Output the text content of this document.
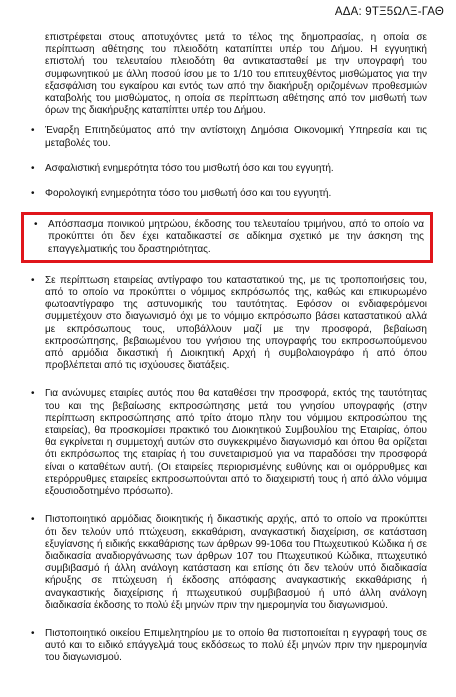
ΑΔΑ: 9ΤΞ5ΩΛΞ-ΓΑΘ

επιστρέφεται στους αποτυχόντες μετά το τέλος της δημοπρασίας, η οποία σε περίπτωση αθέτησης του πλειοδότη καταπίπτει υπέρ του Δήμου. Η εγγυητική επιστολή του τελευταίου πλειοδότη θα αντικατασταθεί με την υπογραφή του συμφωνητικού με άλλη ποσού ίσου με το 1/10 του επιτευχθέντος μισθώματος για την εξασφάλιση του εγκαίρου και εντός των από την διακήρυξη οριζομένων προθεσμιών καταβολής του μισθώματος, η οποία σε περίπτωση αθέτησης από τον μισθωτή των όρων της διακήρυξης καταπίπτει υπέρ του Δήμου.

• Έναρξη Επιτηδεύματος από την αντίστοιχη Δημόσια Οικονομική Υπηρεσία και τις μεταβολές του.
• Ασφαλιστική ενημερότητα τόσο του μισθωτή όσο και του εγγυητή.
• Φορολογική ενημερότητα τόσο του μισθωτή όσο και του εγγυητή.
• Απόσπασμα ποινικού μητρώου, έκδοσης του τελευταίου τριμήνου, από το οποίο να προκύπτει ότι δεν έχει καταδικαστεί σε αδίκημα σχετικό με την άσκηση της επαγγελματικής του δραστηριότητας.
• Σε περίπτωση εταιρείας αντίγραφο του καταστατικού της, με τις τροποποιήσεις του, από το οποίο να προκύπτει ο νόμιμος εκπρόσωπός της, καθώς και επικυρωμένο φωτοαντίγραφο της αστυνομικής του ταυτότητας. Εφόσον οι ενδιαφερόμενοι συμμετέχουν στο διαγωνισμό όχι με το νόμιμο εκπρόσωπο βάσει καταστατικού αλλά με εκπρόσωπους τους, υποβάλλουν μαζί με την προσφορά, βεβαίωση εκπροσώπησης, βεβαιωμένου του γνήσιου της υπογραφής του εκπροσωπούμενου από αρμόδια δικαστική ή Διοικητική Αρχή ή συμβολαιογράφο ή από όπου προβλέπεται από τις ισχύουσες διατάξεις.
• Για ανώνυμες εταιρίες αυτός που θα καταθέσει την προσφορά, εκτός της ταυτότητας του και της βεβαίωσης εκπροσώπησης μετά του γνησίου υπογραφής (στην περίπτωση εκπροσώπησης από τρίτο άτομο πλην του νόμιμου εκπροσώπου της εταιρείας), θα προσκομίσει πρακτικό του Διοικητικού Συμβουλίου της Εταιρίας, όπου θα εγκρίνεται η συμμετοχή αυτών στο συγκεκριμένο διαγωνισμό και όπου θα ορίζεται ότι εκπρόσωπος της εταιρίας ή του συνεταιρισμού για να παραδόσει την προσφορά είναι ο καταθέτων αυτή. (Οι εταιρείες περιορισμένης ευθύνης και οι ομόρρυθμες και ετερόρρυθμες εταιρείες εκπροσωπούνται από το διαχειριστή τους ή από άλλο νόμιμα εξουσιοδοτημένο πρόσωπο).
• Πιστοποιητικό αρμόδιας διοικητικής ή δικαστικής αρχής, από το οποίο να προκύπτει ότι δεν τελούν υπό πτώχευση, εκκαθάριση, αναγκαστική διαχείριση, σε κατάσταση εξυγίανσης ή ειδικής εκκαθάρισης των άρθρων 99-106α του Πτωχευτικού Κώδικα ή σε διαδικασία αναδιοργάνωσης των άρθρων 107 του Πτωχευτικού Κώδικα, πτωχευτικό συμβιβασμό ή άλλη ανάλογη κατάσταση και επίσης ότι δεν τελούν υπό διαδικασία κήρυξης σε πτώχευση ή έκδοσης απόφασης αναγκαστικής εκκαθάρισης ή αναγκαστικής διαχείρισης ή πτωχευτικού συμβιβασμού ή υπό άλλη ανάλογη διαδικασία έκδοσης το πολύ έξι μηνών πριν την ημερομηνία του διαγωνισμού.
• Πιστοποιητικό οικείου Επιμελητηρίου με το οποίο θα πιστοποιείται η εγγραφή τους σε αυτό και το ειδικό επάγγελμά τους εκδόσεως το πολύ έξι μηνών πριν την ημερομηνία του διαγωνισμού.
